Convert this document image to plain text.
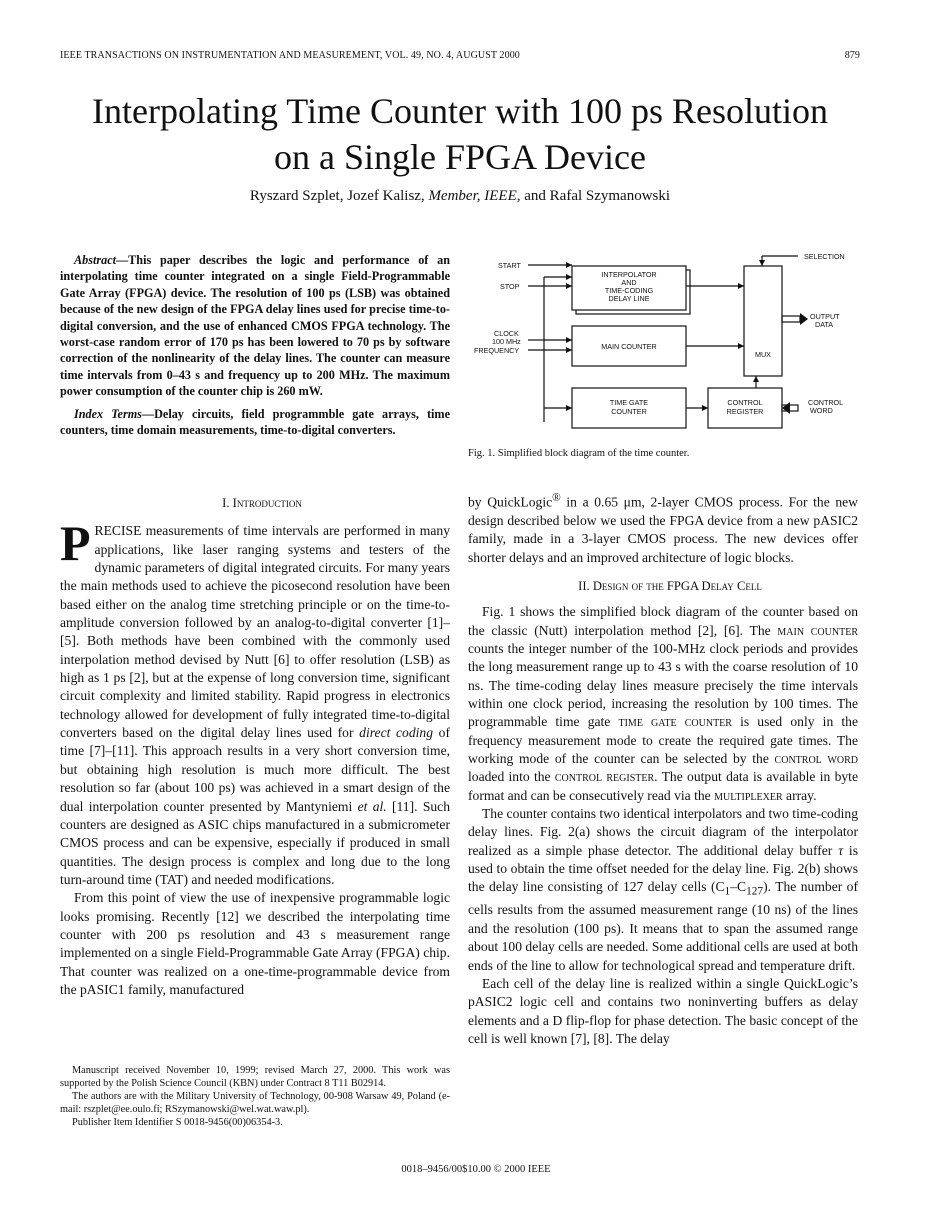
IEEE TRANSACTIONS ON INSTRUMENTATION AND MEASUREMENT, VOL. 49, NO. 4, AUGUST 2000	879
Interpolating Time Counter with 100 ps Resolution
on a Single FPGA Device
Ryszard Szplet, Jozef Kalisz, Member, IEEE, and Rafal Szymanowski

Abstract—This paper describes the logic and performance of an interpolating time counter integrated on a single Field-Programmable Gate Array (FPGA) device. The resolution of 100 ps (LSB) was obtained because of the new design of the FPGA delay lines used for precise time-to-digital conversion, and the use of enhanced CMOS FPGA technology. The worst-case random error of 170 ps has been lowered to 70 ps by software correction of the nonlinearity of the delay lines. The counter can measure time intervals from 0–43 s and frequency up to 200 MHz. The maximum power consumption of the counter chip is 260 mW.

Index Terms—Delay circuits, field programmble gate arrays, time counters, time domain measurements, time-to-digital converters.

START
STOP
CLOCK
100 MHz
FREQUENCY
INTERPOLATOR
AND
TIME-CODING
DELAY LINE
MAIN COUNTER
TIME GATE
COUNTER
CONTROL
REGISTER
MUX
SELECTION
OUTPUT
DATA
CONTROL
WORD
Fig. 1. Simplified block diagram of the time counter.

I. Introduction

PRECISE measurements of time intervals are performed in many applications, like laser ranging systems and testers of the dynamic parameters of digital integrated circuits. For many years the main methods used to achieve the picosecond resolution have been based either on the analog time stretching principle or on the time-to-amplitude conversion followed by an analog-to-digital converter [1]–[5]. Both methods have been combined with the commonly used interpolation method devised by Nutt [6] to offer resolution (LSB) as high as 1 ps [2], but at the expense of long conversion time, significant circuit complexity and limited stability. Rapid progress in electronics technology allowed for development of fully integrated time-to-digital converters based on the digital delay lines used for direct coding of time [7]–[11]. This approach results in a very short conversion time, but obtaining high resolution is much more difficult. The best resolution so far (about 100 ps) was achieved in a smart design of the dual interpolation counter presented by Mantyniemi et al. [11]. Such counters are designed as ASIC chips manufactured in a submicrometer CMOS process and can be expensive, especially if produced in small quantities. The design process is complex and long due to the long turn-around time (TAT) and needed modifications.

From this point of view the use of inexpensive programmable logic looks promising. Recently [12] we described the interpolating time counter with 200 ps resolution and 43 s measurement range implemented on a single Field-Programmable Gate Array (FPGA) chip. That counter was realized on a one-time-programmable device from the pASIC1 family, manufactured

Manuscript received November 10, 1999; revised March 27, 2000. This work was supported by the Polish Science Council (KBN) under Contract 8 T11 B02914.

The authors are with the Military University of Technology, 00-908 Warsaw 49, Poland (e-mail: rszplet@ee.oulo.fi; RSzymanowski@wel.wat.waw.pl).

Publisher Item Identifier S 0018-9456(00)06354-3.

by QuickLogic® in a 0.65 μm, 2-layer CMOS process. For the new design described below we used the FPGA device from a new pASIC2 family, made in a 3-layer CMOS process. The new devices offer shorter delays and an improved architecture of logic blocks.

II. Design of the FPGA Delay Cell

Fig. 1 shows the simplified block diagram of the counter based on the classic (Nutt) interpolation method [2], [6]. The main counter counts the integer number of the 100-MHz clock periods and provides the long measurement range up to 43 s with the coarse resolution of 10 ns. The time-coding delay lines measure precisely the time intervals within one clock period, increasing the resolution by 100 times. The programmable time gate time gate counter is used only in the frequency measurement mode to create the required gate times. The working mode of the counter can be selected by the control word loaded into the control register. The output data is available in byte format and can be consecutively read via the multiplexer array.

The counter contains two identical interpolators and two time-coding delay lines. Fig. 2(a) shows the circuit diagram of the interpolator realized as a simple phase detector. The additional delay buffer τ is used to obtain the time offset needed for the delay line. Fig. 2(b) shows the delay line consisting of 127 delay cells $(C_1-C_{127})$. The number of cells results from the assumed measurement range (10 ns) of the lines and the resolution (100 ps). It means that to span the assumed range about 100 delay cells are needed. Some additional cells are used at both ends of the line to allow for technological spread and temperature drift.

Each cell of the delay line is realized within a single QuickLogic’s pASIC2 logic cell and contains two noninverting buffers as delay elements and a D flip-flop for phase detection. The basic concept of the cell is well known [7], [8]. The delay

0018–9456/00$10.00 © 2000 IEEE
